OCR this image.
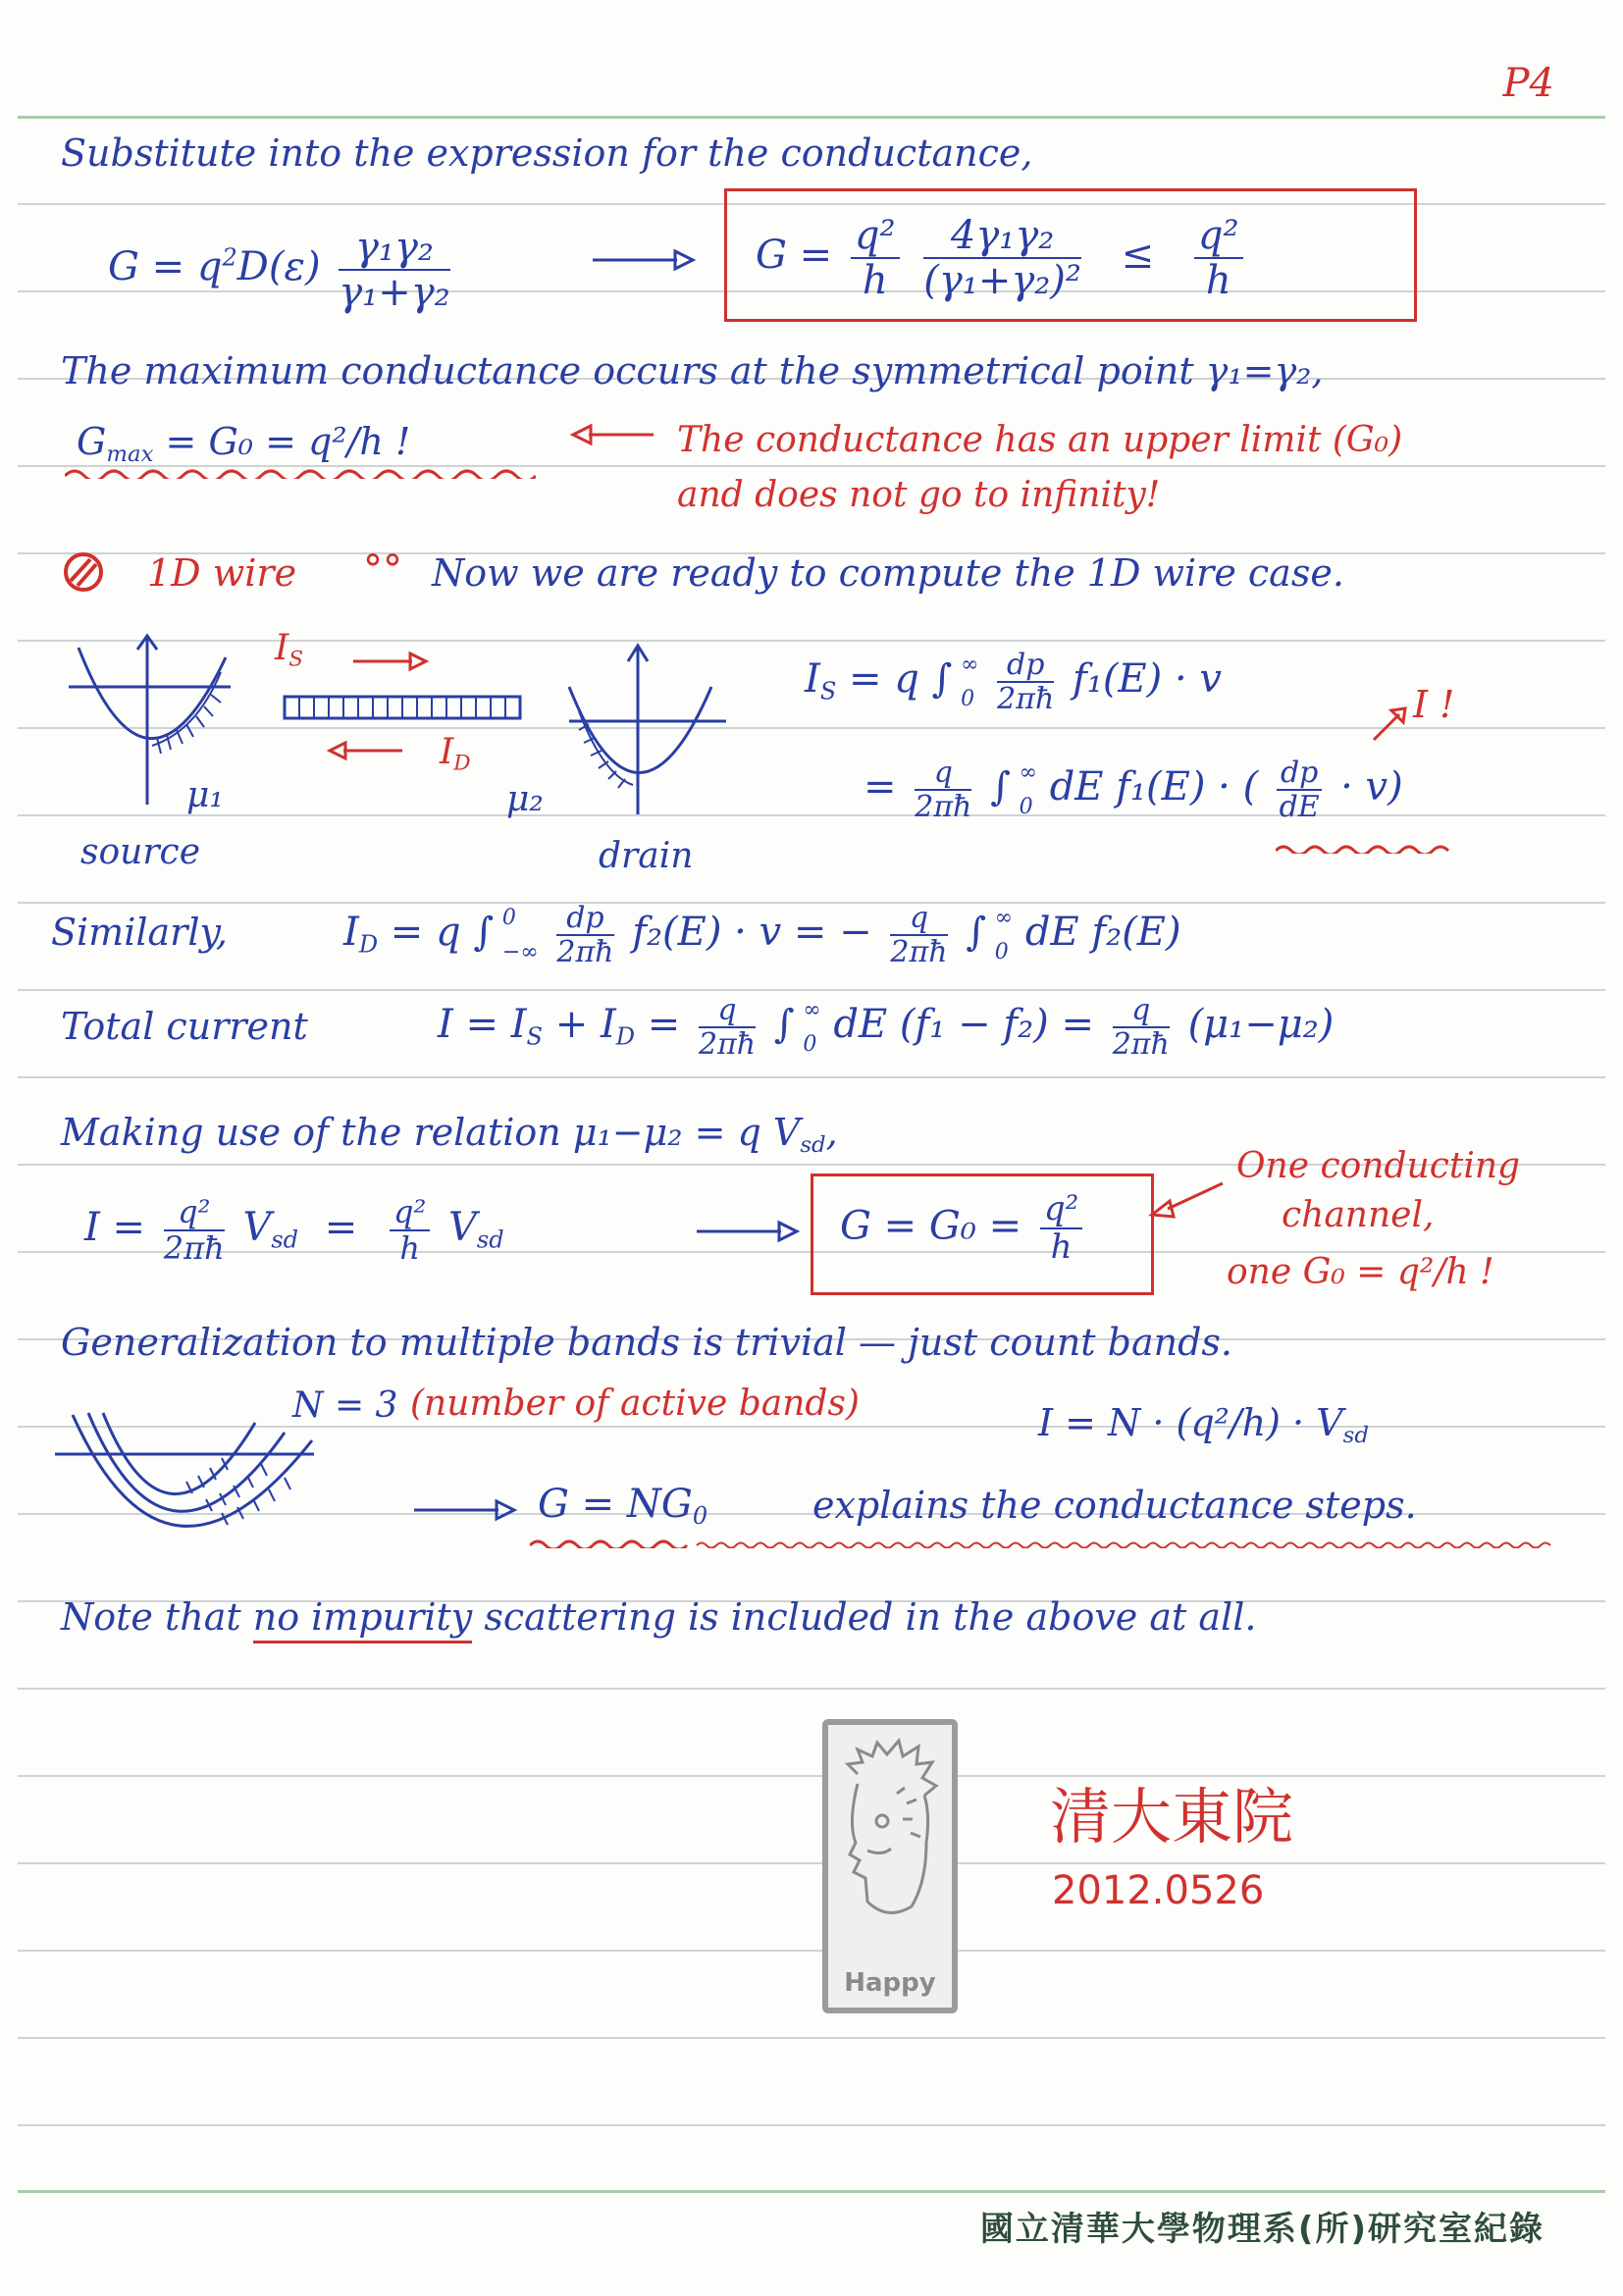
P4
Substitute into the expression for the conductance,
$G = q^2D(\varepsilon) \frac{\text{γ₁γ₂}}{\text{γ₁+γ₂}}$	$G = \frac{\text{q²}}{h}$
$\frac{\text{4γ₁γ₂}}{\text{(γ₁+γ₂)²}} \le \frac{\text{q²}}{h}$
The maximum conductance occurs at the symmetrical point γ₁=γ₂,
$G_{max} = G_0 = q^2/h$ !	The conductance has an upper limit (G₀)
and does not go to infinity!
1D wire °° Now we are ready to compute the 1D wire case.
$I_S$
$I_D$
μ₁	μ₂
source	drain
$I_S = q$ ∫ ∞
0
$\frac{dp}{2\pi ħ} f_1(E) \cdot v$
I !
= $\frac{q}{2\pi ħ}$ ∫ ∞
0 dE f₁(E) · ( $\frac{dp}{dE} \cdot v$)
Similarly,	$I_D = q$ ∫ 0
−∞
$\frac{dp}{2\pi ħ} f_2(E) \cdot v$ = − $\frac{q}{2\pi ħ}$ ∫ ∞
0 dE f₂(E)
Total current	$I = I_S + I_D = \frac{q}{2\pi ħ}$ ∫ ∞
0 dE $(f_1 - f_2) = \frac{q}{2\pi ħ} (\mu_1-\mu_2)$
Making use of the relation μ₁−μ₂ = q $V_{sd}$,
$I = \frac{\text{q²}}{2\pi ħ} V_{sd} = \frac{\text{q²}}{h} V_{sd}$	$G = G_0 = \frac{\text{q²}}{h}$
One conducting
channel,
one G₀ = q²/h !
Generalization to multiple bands is trivial — just count bands.
N = 3 (number of active bands)	$I = N \cdot (q^2/h) \cdot V_{sd}$
$G = NG_0$	explains the conductance steps.
Note that no impurity scattering is included in the above at all.
Happy
清大東院
2012.0526
國立清華大學物理系(所)研究室紀錄
